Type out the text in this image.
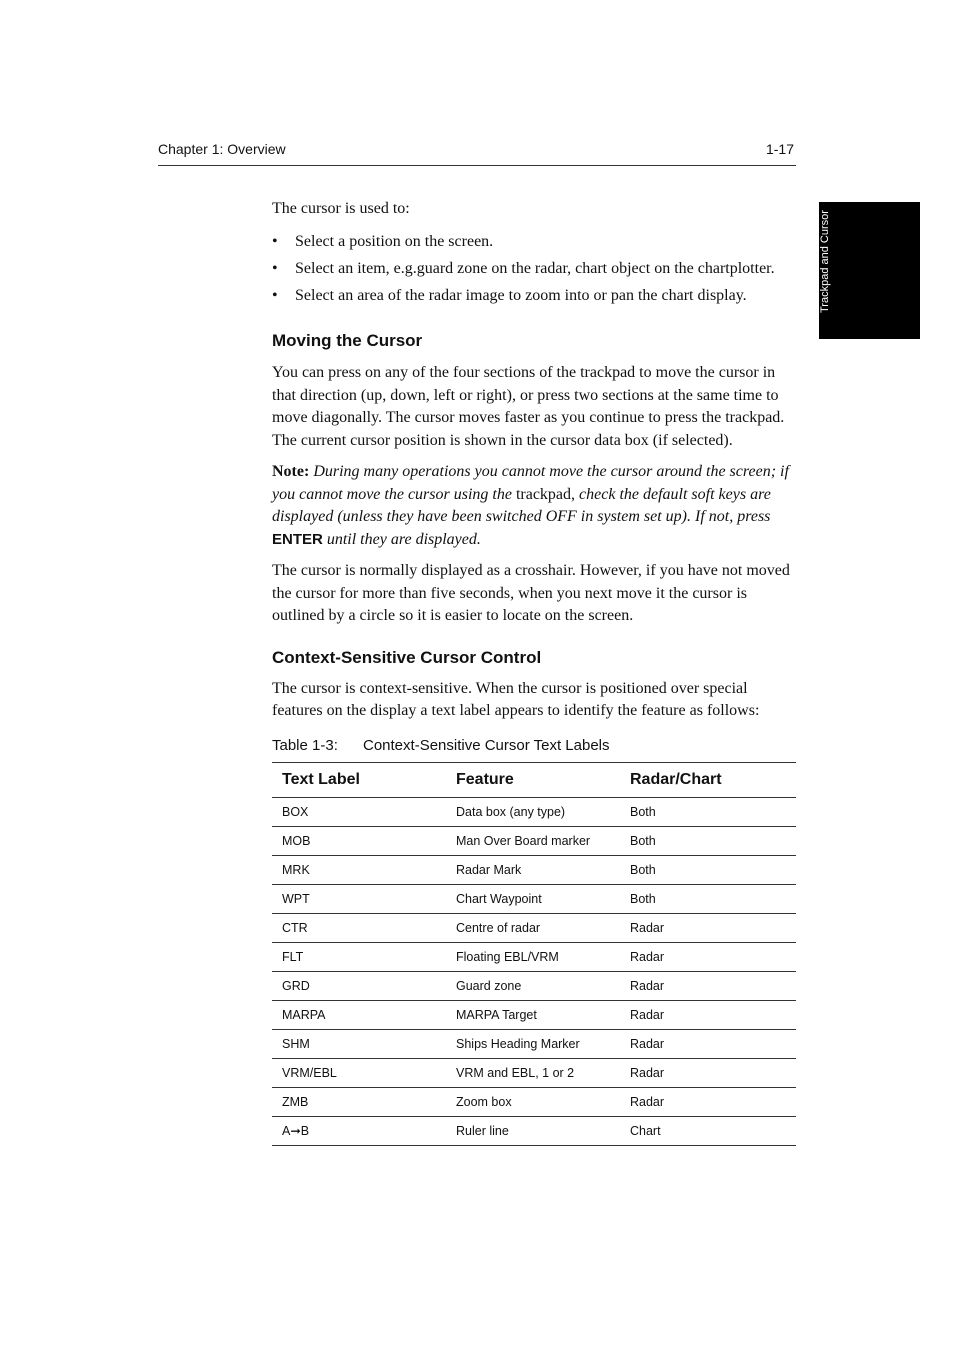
Chapter 1: Overview	1-17
Trackpad and Cursor

The cursor is used to:

• Select a position on the screen.
• Select an item, e.g.guard zone on the radar, chart object on the chartplotter.
• Select an area of the radar image to zoom into or pan the chart display.
Moving the Cursor

You can press on any of the four sections of the trackpad to move the cursor in that direction (up, down, left or right), or press two sections at the same time to move diagonally. The cursor moves faster as you continue to press the trackpad. The current cursor position is shown in the cursor data box (if selected).

Note: During many operations you cannot move the cursor around the screen; if you cannot move the cursor using the trackpad, check the default soft keys are displayed (unless they have been switched OFF in system set up). If not, press ENTER until they are displayed.

The cursor is normally displayed as a crosshair. However, if you have not moved the cursor for more than five seconds, when you next move it the cursor is outlined by a circle so it is easier to locate on the screen.

Context-Sensitive Cursor Control

The cursor is context-sensitive. When the cursor is positioned over special features on the display a text label appears to identify the feature as follows:

Table 1-3: Context-Sensitive Cursor Text Labels

Text Label	Feature	Radar/Chart
BOX	Data box (any type)	Both
MOB	Man Over Board marker	Both
MRK	Radar Mark	Both
WPT	Chart Waypoint	Both
CTR	Centre of radar	Radar
FLT	Floating EBL/VRM	Radar
GRD	Guard zone	Radar
MARPA	MARPA Target	Radar
SHM	Ships Heading Marker	Radar
VRM/EBL	VRM and EBL, 1 or 2	Radar
ZMB	Zoom box	Radar
A➞B	Ruler line	Chart
